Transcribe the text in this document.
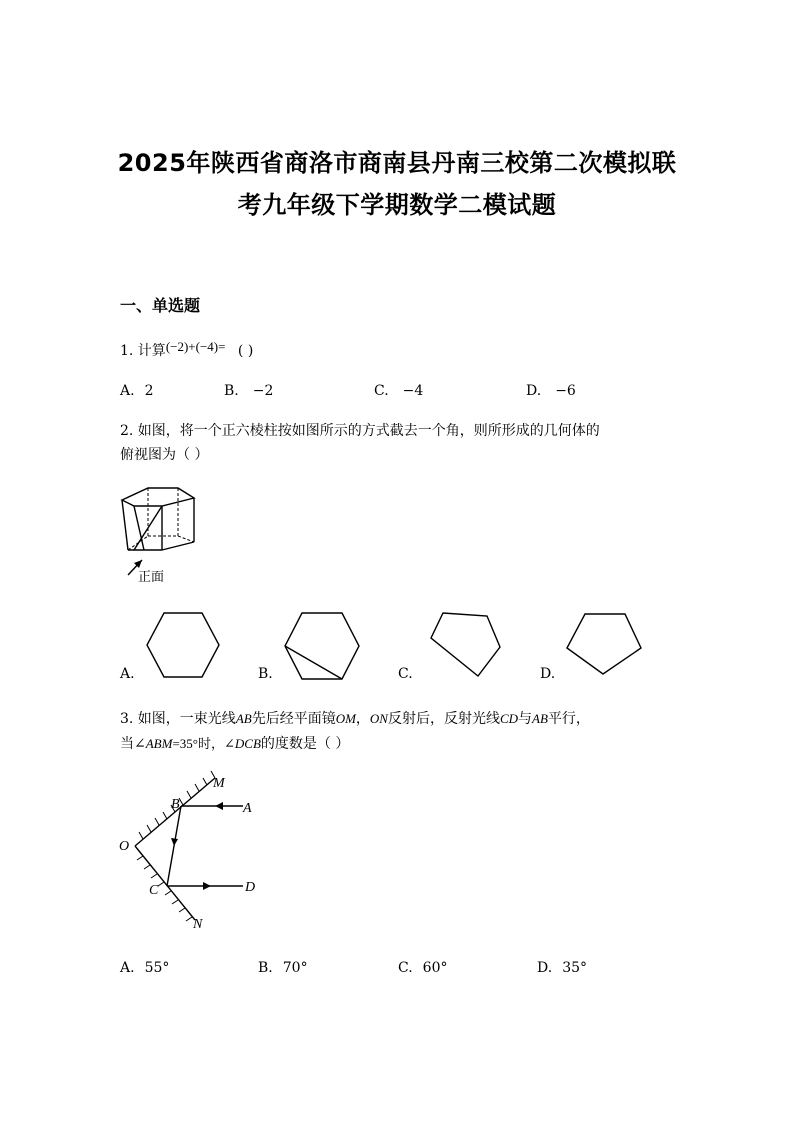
2025年陕西省商洛市商南县丹南三校第二次模拟联
考九年级下学期数学二模试题
一、单选题
1. 计算(−2)+(−4)= ( )
A. 2	B. −2	C. −4	D. −6
2. 如图，将一个正六棱柱按如图所示的方式截去一个角，则所形成的几何体的
俯视图为（ ）
正面
A.	B.	C.	D.
3. 如图，一束光线AB先后经平面镜OM，ON反射后，反射光线CD与AB平行，
当∠ABM=35°时，∠DCB的度数是（ ）
M
B	A
O
C	D
N
A. 55°	B. 70°	C. 60°	D. 35°
